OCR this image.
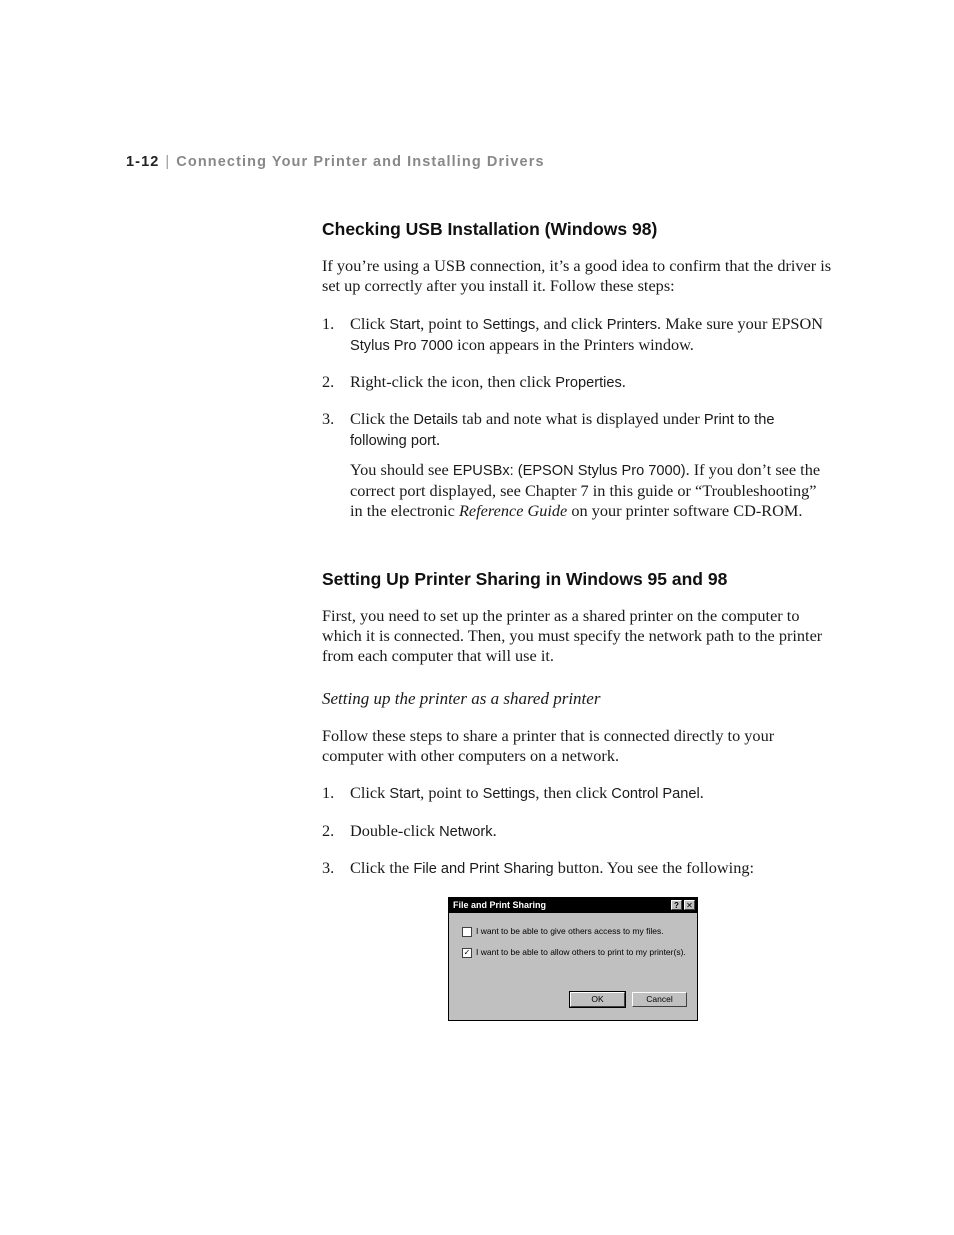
1-12 | Connecting Your Printer and Installing Drivers
Checking USB Installation (Windows 98)

If you’re using a USB connection, it’s a good idea to confirm that the driver is set up correctly after you install it. Follow these steps:

1. Click Start, point to Settings, and click Printers. Make sure your EPSON Stylus Pro 7000 icon appears in the Printers window.
2. Right-click the icon, then click Properties.
3. Click the Details tab and note what is displayed under Print to the following port.
You should see EPUSBx: (EPSON Stylus Pro 7000). If you don’t see the correct port displayed, see Chapter 7 in this guide or “Troubleshooting” in the electronic Reference Guide on your printer software CD-ROM.
Setting Up Printer Sharing in Windows 95 and 98

First, you need to set up the printer as a shared printer on the computer to which it is connected. Then, you must specify the network path to the printer from each computer that will use it.

Setting up the printer as a shared printer

Follow these steps to share a printer that is connected directly to your computer with other computers on a network.

1. Click Start, point to Settings, then click Control Panel.
2. Double-click Network.
3. Click the File and Print Sharing button. You see the following:
File and Print Sharing	? ✕
I want to be able to give others access to my files.
✓ I want to be able to allow others to print to my printer(s).
OK	Cancel
